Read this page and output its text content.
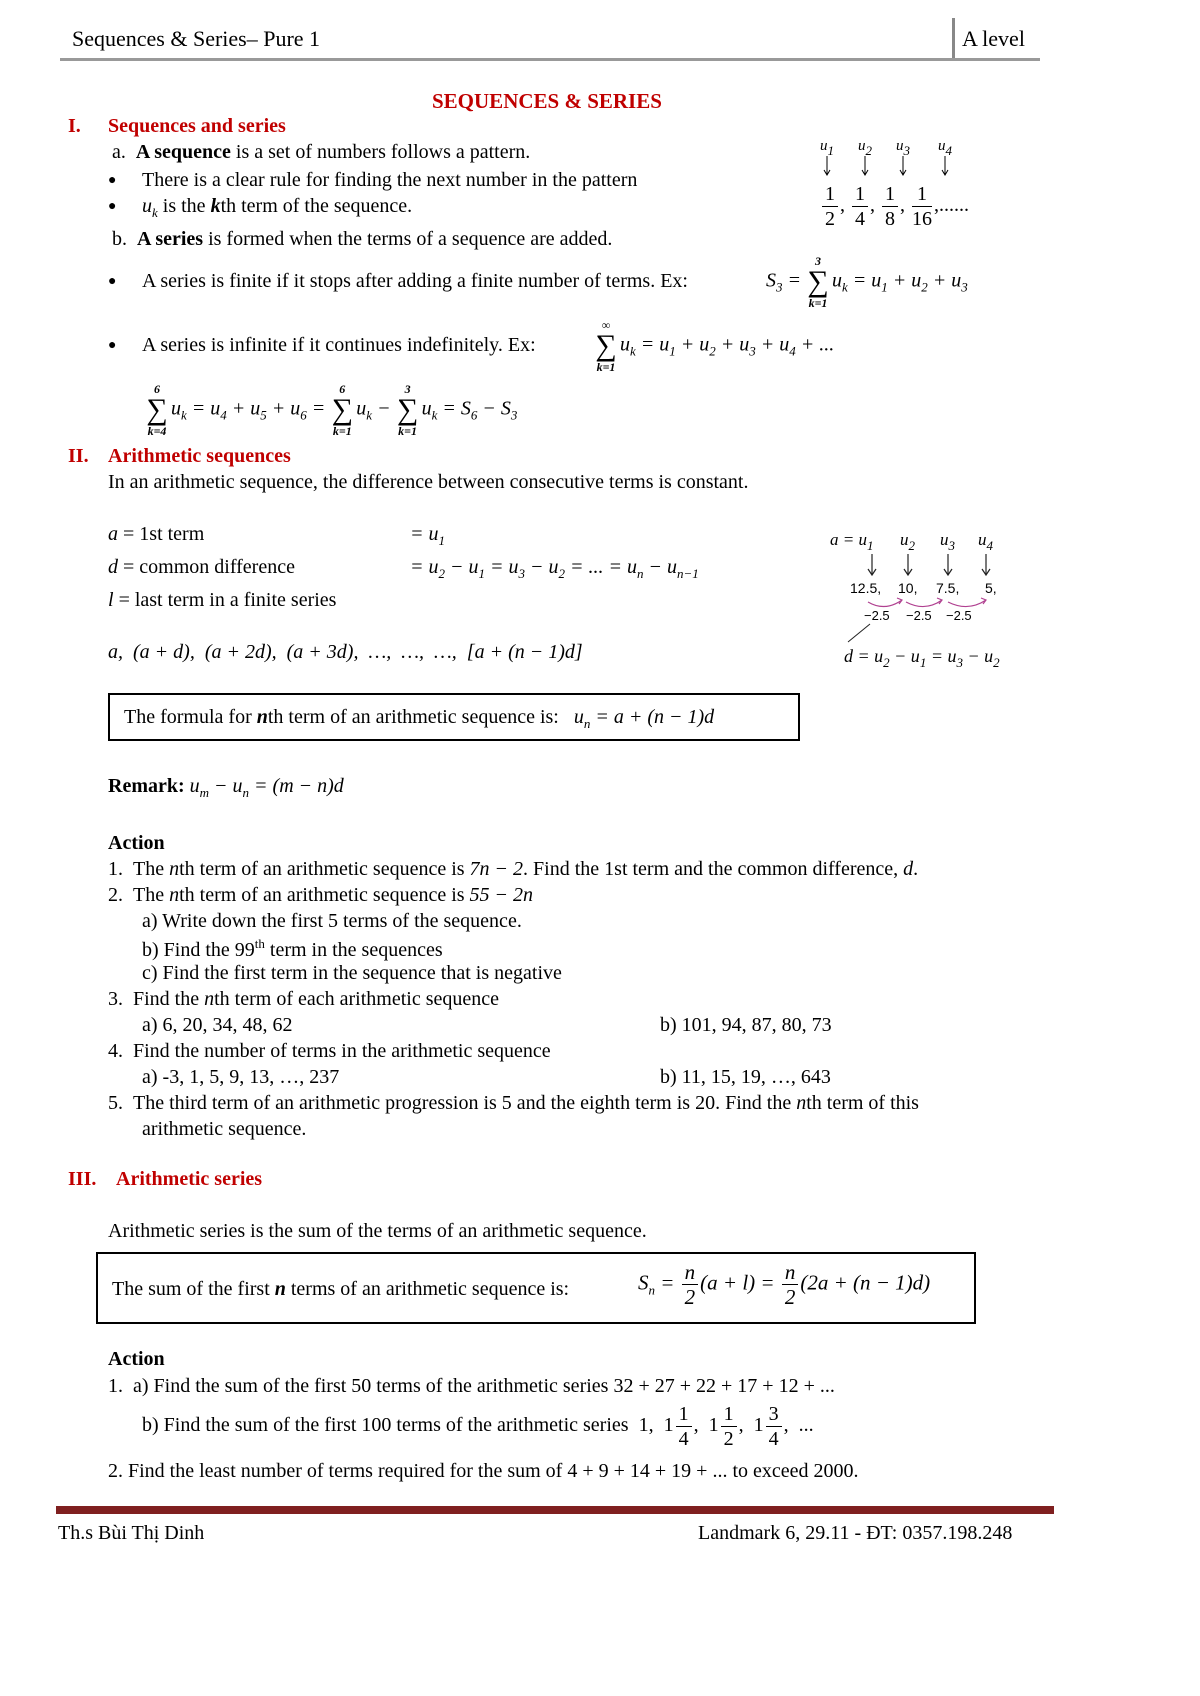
Sequences & Series– Pure 1	A level
SEQUENCES & SERIES
I. Sequences and series
a. A sequence is a set of numbers follows a pattern.
● There is a clear rule for finding the next number in the pattern
● $u_k$ is the kth term of the sequence.
b. A series is formed when the terms of a sequence are added.
u1 u2 u3 u4
$\frac{1}{2}$ , $\frac{1}{4}$ , $\frac{1}{8}$ , $\frac{1}{16}$ ,......
● A series is finite if it stops after adding a finite number of terms. Ex:	$S_3$ =
3
∑
k=1
$u_k = u_1 + u_2 + u_3$
● A series is infinite if it continues indefinitely. Ex:
∞
∑
k=1
$u_k = u_1 + u_2 + u_3 + u_4$ + ...
6
∑
k=4
$u_k = u_4 + u_5 + u_6$ =
6
∑
k=1
$u_k$ −
3
∑
k=1
$u_k = S_6 - S_3$
II. Arithmetic sequences
In an arithmetic sequence, the difference between consecutive terms is constant.
a = 1st term	= $u_1$
d = common difference	= $u_2 - u_1 = u_3 - u_2$ = ... = $u_n - u_{n-1}$
l = last term in a finite series
a,  (a + d),  (a + 2d),  (a + 3d),  …,  …,  …,  [a + (n − 1)d]
$a = u_1$ $u_2$ $u_3$ $u_4$
12.5, 10, 7.5, 5,
−2.5 −2.5 −2.5
$d = u_2 - u_1 = u_3 - u_2$
The formula for nth term of an arithmetic sequence is: $u_n = a + (n - 1)d$
Remark: $u_m - u_n = (m - n)d$
Action
1. The nth term of an arithmetic sequence is 7n − 2. Find the 1st term and the common difference, d.
2. The nth term of an arithmetic sequence is 55 − 2n
a) Write down the first 5 terms of the sequence.
b) Find the 99th term in the sequences
c) Find the first term in the sequence that is negative
3. Find the nth term of each arithmetic sequence
a) 6, 20, 34, 48, 62	b) 101, 94, 87, 80, 73
4. Find the number of terms in the arithmetic sequence
a) -3, 1, 5, 9, 13, …, 237	b) 11, 15, 19, …, 643
5. The third term of an arithmetic progression is 5 and the eighth term is 20. Find the nth term of this
arithmetic sequence.
III. Arithmetic series
Arithmetic series is the sum of the terms of an arithmetic sequence.
The sum of the first n terms of an arithmetic sequence is:	$S_n = \frac{n}{2} (a + l) = \frac{n}{2} (2a + (n - 1)d)$
Action
1. a) Find the sum of the first 50 terms of the arithmetic series 32 + 27 + 22 + 17 + 12 + ...
b) Find the sum of the first 100 terms of the arithmetic series  1,  $1 \frac{1}{4}$ ,  $1 \frac{1}{2}$ ,  $1 \frac{3}{4}$ ,  ...
2. Find the least number of terms required for the sum of 4 + 9 + 14 + 19 + ... to exceed 2000.
Th.s Bùi Thị Dinh	Landmark 6, 29.11 - ĐT: 0357.198.248
